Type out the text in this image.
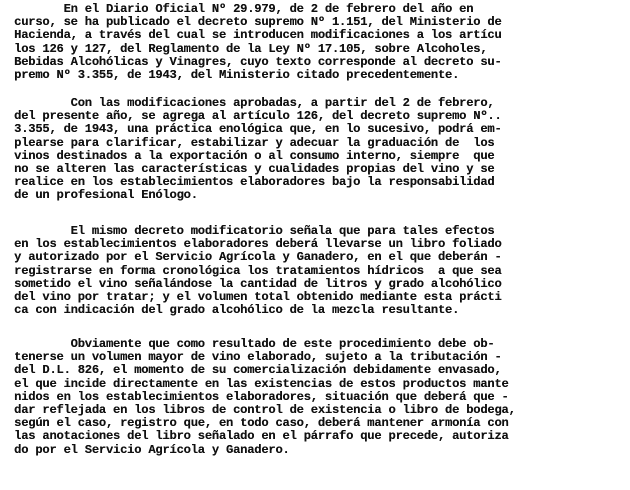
En el Diario Oficial Nº 29.979, de 2 de febrero del año en
curso, se ha publicado el decreto supremo Nº 1.151, del Ministerio de
Hacienda, a través del cual se introducen modificaciones a los artícu
los 126 y 127, del Reglamento de la Ley Nº 17.105, sobre Alcoholes,
Bebidas Alcohólicas y Vinagres, cuyo texto corresponde al decreto su-
premo Nº 3.355, de 1943, del Ministerio citado precedentemente.
Con las modificaciones aprobadas, a partir del 2 de febrero,
del presente año, se agrega al artículo 126, del decreto supremo Nº..
3.355, de 1943, una práctica enológica que, en lo sucesivo, podrá em-
plearse para clarificar, estabilizar y adecuar la graduación de  los
vinos destinados a la exportación o al consumo interno, siempre  que
no se alteren las características y cualidades propias del vino y se
realice en los establecimientos elaboradores bajo la responsabilidad
de un profesional Enólogo.
El mismo decreto modificatorio señala que para tales efectos
en los establecimientos elaboradores deberá llevarse un libro foliado
y autorizado por el Servicio Agrícola y Ganadero, en el que deberán -
registrarse en forma cronológica los tratamientos hídricos  a que sea
sometido el vino señalándose la cantidad de litros y grado alcohólico
del vino por tratar; y el volumen total obtenido mediante esta prácti
ca con indicación del grado alcohólico de la mezcla resultante.
Obviamente que como resultado de este procedimiento debe ob-
tenerse un volumen mayor de vino elaborado, sujeto a la tributación -
del D.L. 826, el momento de su comercialización debidamente envasado,
el que incide directamente en las existencias de estos productos mante
nidos en los establecimientos elaboradores, situación que deberá que -
dar reflejada en los libros de control de existencia o libro de bodega,
según el caso, registro que, en todo caso, deberá mantener armonía con
las anotaciones del libro señalado en el párrafo que precede, autoriza
do por el Servicio Agrícola y Ganadero.
